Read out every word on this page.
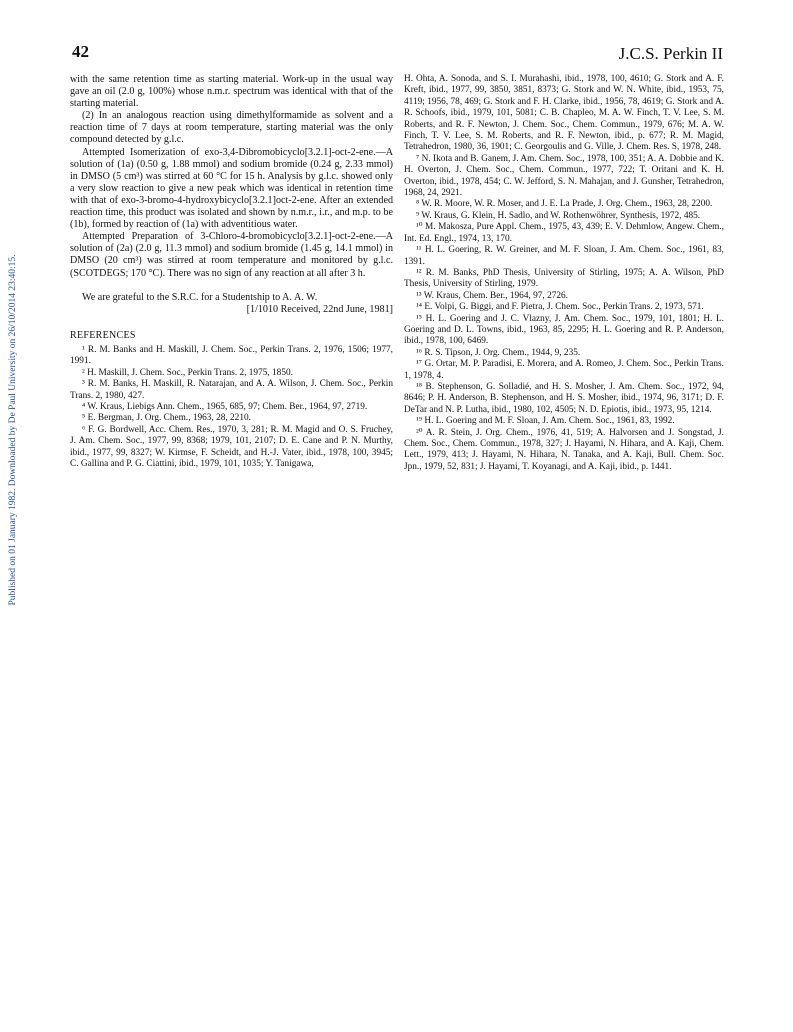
42	J.C.S. Perkin II
Published on 01 January 1982. Downloaded by De Paul University on 26/10/2014 23:40:15.

with the same retention time as starting material. Work-up in the usual way gave an oil (2.0 g, 100%) whose n.m.r. spectrum was identical with that of the starting material.

(2) In an analogous reaction using dimethylformamide as solvent and a reaction time of 7 days at room temperature, starting material was the only compound detected by g.l.c.

Attempted Isomerization of exo-3,4-Dibromobicyclo[3.2.1]-oct-2-ene.—A solution of (1a) (0.50 g, 1.88 mmol) and sodium bromide (0.24 g, 2.33 mmol) in DMSO (5 cm³) was stirred at 60 °C for 15 h. Analysis by g.l.c. showed only a very slow reaction to give a new peak which was identical in retention time with that of exo-3-bromo-4-hydroxybicyclo[3.2.1]oct-2-ene. After an extended reaction time, this product was isolated and shown by n.m.r., i.r., and m.p. to be (1b), formed by reaction of (1a) with adventitious water.

Attempted Preparation of 3-Chloro-4-bromobicyclo[3.2.1]-oct-2-ene.—A solution of (2a) (2.0 g, 11.3 mmol) and sodium bromide (1.45 g, 14.1 mmol) in DMSO (20 cm³) was stirred at room temperature and monitored by g.l.c. (SCOTDEGS; 170 °C). There was no sign of any reaction at all after 3 h.

We are grateful to the S.R.C. for a Studentship to A. A. W.

[1/1010 Received, 22nd June, 1981]

REFERENCES

¹ R. M. Banks and H. Maskill, J. Chem. Soc., Perkin Trans. 2, 1976, 1506; 1977, 1991.

² H. Maskill, J. Chem. Soc., Perkin Trans. 2, 1975, 1850.

³ R. M. Banks, H. Maskill, R. Natarajan, and A. A. Wilson, J. Chem. Soc., Perkin Trans. 2, 1980, 427.

⁴ W. Kraus, Liebigs Ann. Chem., 1965, 685, 97; Chem. Ber., 1964, 97, 2719.

⁵ E. Bergman, J. Org. Chem., 1963, 28, 2210.

⁶ F. G. Bordwell, Acc. Chem. Res., 1970, 3, 281; R. M. Magid and O. S. Fruchey, J. Am. Chem. Soc., 1977, 99, 8368; 1979, 101, 2107; D. E. Cane and P. N. Murthy, ibid., 1977, 99, 8327; W. Kirmse, F. Scheidt, and H.-J. Vater, ibid., 1978, 100, 3945; C. Gallina and P. G. Ciattini, ibid., 1979, 101, 1035; Y. Tanigawa,

H. Ohta, A. Sonoda, and S. I. Murahashi, ibid., 1978, 100, 4610; G. Stork and A. F. Kreft, ibid., 1977, 99, 3850, 3851, 8373; G. Stork and W. N. White, ibid., 1953, 75, 4119; 1956, 78, 469; G. Stork and F. H. Clarke, ibid., 1956, 78, 4619; G. Stork and A. R. Schoofs, ibid., 1979, 101, 5081; C. B. Chapleo, M. A. W. Finch, T. V. Lee, S. M. Roberts, and R. F. Newton, J. Chem. Soc., Chem. Commun., 1979, 676; M. A. W. Finch, T. V. Lee, S. M. Roberts, and R. F. Newton, ibid., p. 677; R. M. Magid, Tetrahedron, 1980, 36, 1901; C. Georgoulis and G. Ville, J. Chem. Res. S, 1978, 248.

⁷ N. Ikota and B. Ganem, J. Am. Chem. Soc., 1978, 100, 351; A. A. Dobbie and K. H. Overton, J. Chem. Soc., Chem. Commun., 1977, 722; T. Oritani and K. H. Overton, ibid., 1978, 454; C. W. Jefford, S. N. Mahajan, and J. Gunsher, Tetrahedron, 1968, 24, 2921.

⁸ W. R. Moore, W. R. Moser, and J. E. La Prade, J. Org. Chem., 1963, 28, 2200.

⁹ W. Kraus, G. Klein, H. Sadlo, and W. Rothenwöhrer, Synthesis, 1972, 485.

¹⁰ M. Makosza, Pure Appl. Chem., 1975, 43, 439; E. V. Dehmlow, Angew. Chem., Int. Ed. Engl., 1974, 13, 170.

¹¹ H. L. Goering, R. W. Greiner, and M. F. Sloan, J. Am. Chem. Soc., 1961, 83, 1391.

¹² R. M. Banks, PhD Thesis, University of Stirling, 1975; A. A. Wilson, PhD Thesis, University of Stirling, 1979.

¹³ W. Kraus, Chem. Ber., 1964, 97, 2726.

¹⁴ E. Volpi, G. Biggi, and F. Pietra, J. Chem. Soc., Perkin Trans. 2, 1973, 571.

¹⁵ H. L. Goering and J. C. Vlazny, J. Am. Chem. Soc., 1979, 101, 1801; H. L. Goering and D. L. Towns, ibid., 1963, 85, 2295; H. L. Goering and R. P. Anderson, ibid., 1978, 100, 6469.

¹⁶ R. S. Tipson, J. Org. Chem., 1944, 9, 235.

¹⁷ G. Ortar, M. P. Paradisi, E. Morera, and A. Romeo, J. Chem. Soc., Perkin Trans. 1, 1978, 4.

¹⁸ B. Stephenson, G. Solladié, and H. S. Mosher, J. Am. Chem. Soc., 1972, 94, 8646; P. H. Anderson, B. Stephenson, and H. S. Mosher, ibid., 1974, 96, 3171; D. F. DeTar and N. P. Lutha, ibid., 1980, 102, 4505; N. D. Epiotis, ibid., 1973, 95, 1214.

¹⁹ H. L. Goering and M. F. Sloan, J. Am. Chem. Soc., 1961, 83, 1992.

²⁰ A. R. Stein, J. Org. Chem., 1976, 41, 519; A. Halvorsen and J. Songstad, J. Chem. Soc., Chem. Commun., 1978, 327; J. Hayami, N. Hihara, and A. Kaji, Chem. Lett., 1979, 413; J. Hayami, N. Hihara, N. Tanaka, and A. Kaji, Bull. Chem. Soc. Jpn., 1979, 52, 831; J. Hayami, T. Koyanagi, and A. Kaji, ibid., p. 1441.
